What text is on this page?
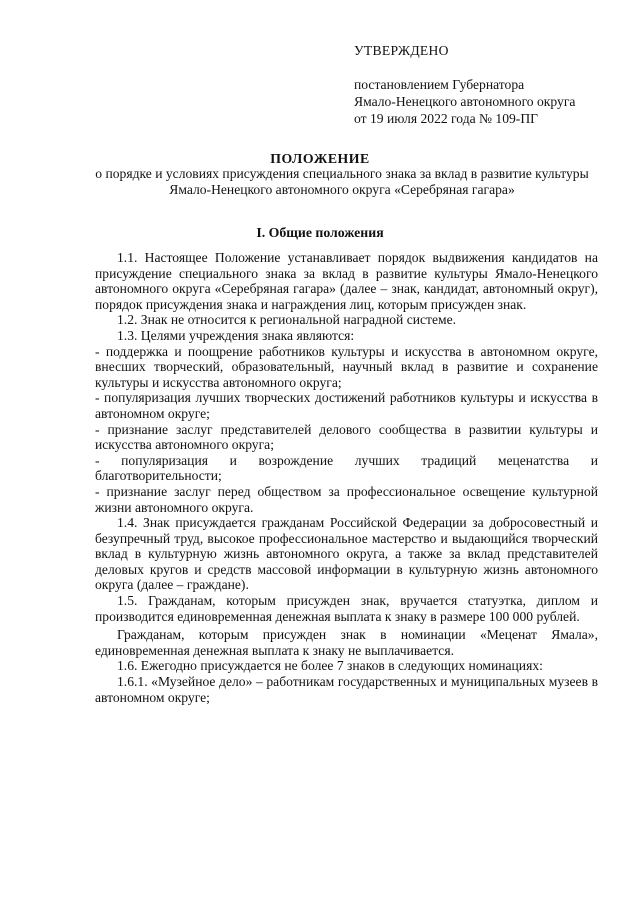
УТВЕРЖДЕНО
постановлением Губернатора
Ямало-Ненецкого автономного округа
от 19 июля 2022 года № 109-ПГ
ПОЛОЖЕНИЕ
о порядке и условиях присуждения специального знака за вклад в развитие культуры Ямало-Ненецкого автономного округа «Серебряная гагара»
I. Общие положения

1.1. Настоящее Положение устанавливает порядок выдвижения кандидатов на присуждение специального знака за вклад в развитие культуры Ямало-Ненецкого автономного округа «Серебряная гагара» (далее – знак, кандидат, автономный округ), порядок присуждения знака и награждения лиц, которым присужден знак.

1.2. Знак не относится к региональной наградной системе.

1.3. Целями учреждения знака являются:

- поддержка и поощрение работников культуры и искусства в автономном округе, внесших творческий, образовательный, научный вклад в развитие и сохранение культуры и искусства автономного округа;

- популяризация лучших творческих достижений работников культуры и искусства в автономном округе;

- признание заслуг представителей делового сообщества в развитии культуры и искусства автономного округа;

- популяризация и возрождение лучших традиций меценатства и благотворительности;

- признание заслуг перед обществом за профессиональное освещение культурной жизни автономного округа.

1.4. Знак присуждается гражданам Российской Федерации за добросовестный и безупречный труд, высокое профессиональное мастерство и выдающийся творческий вклад в культурную жизнь автономного округа, а также за вклад представителей деловых кругов и средств массовой информации в культурную жизнь автономного округа (далее – граждане).

1.5. Гражданам, которым присужден знак, вручается статуэтка, диплом и производится единовременная денежная выплата к знаку в размере 100 000 рублей.

Гражданам, которым присужден знак в номинации «Меценат Ямала», единовременная денежная выплата к знаку не выплачивается.

1.6. Ежегодно присуждается не более 7 знаков в следующих номинациях:

1.6.1. «Музейное дело» – работникам государственных и муниципальных музеев в автономном округе;
